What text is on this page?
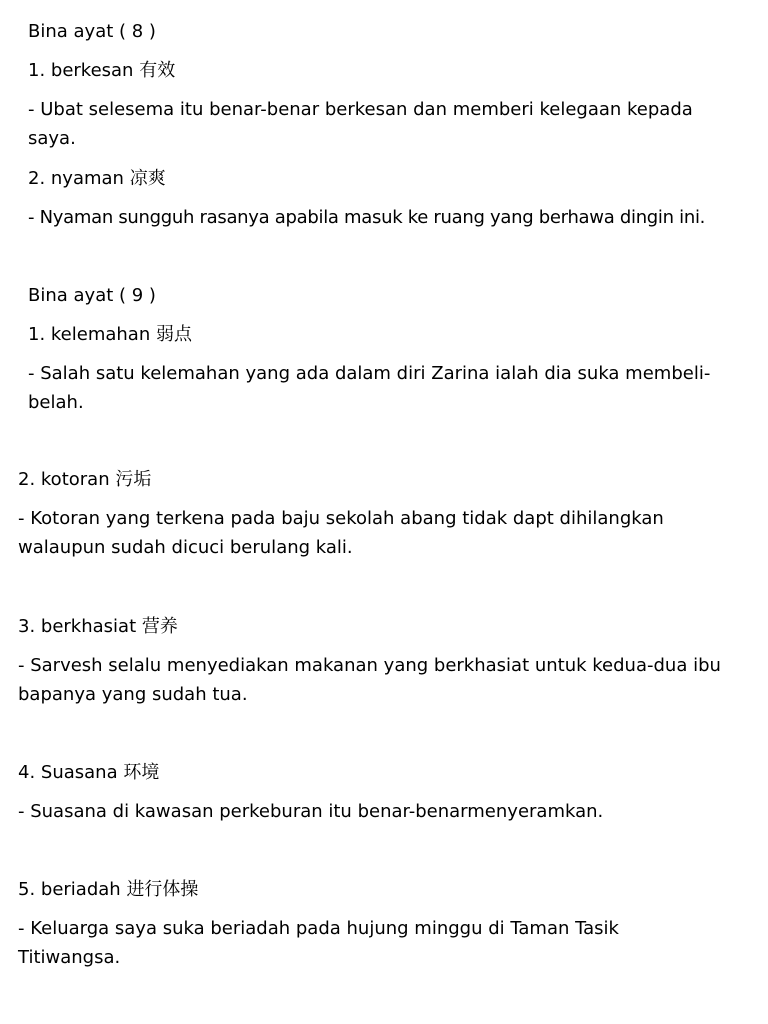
Bina ayat ( 8 )
1. berkesan 有效
- Ubat selesema itu benar-benar berkesan dan memberi kelegaan kepada saya.
2. nyaman 凉爽
- Nyaman sungguh rasanya apabila masuk ke ruang yang berhawa dingin ini.
Bina ayat ( 9 )
1. kelemahan 弱点
- Salah satu kelemahan yang ada dalam diri Zarina ialah dia suka membeli-belah.
2. kotoran 污垢
- Kotoran yang terkena pada baju sekolah abang tidak dapt dihilangkan walaupun sudah dicuci berulang kali.
3. berkhasiat 营养
- Sarvesh selalu menyediakan makanan yang berkhasiat untuk kedua-dua ibu bapanya yang sudah tua.
4. Suasana 环境
- Suasana di kawasan perkeburan itu benar-benarmenyeramkan.
5. beriadah 进行体操
- Keluarga saya suka beriadah pada hujung minggu di Taman Tasik Titiwangsa.
